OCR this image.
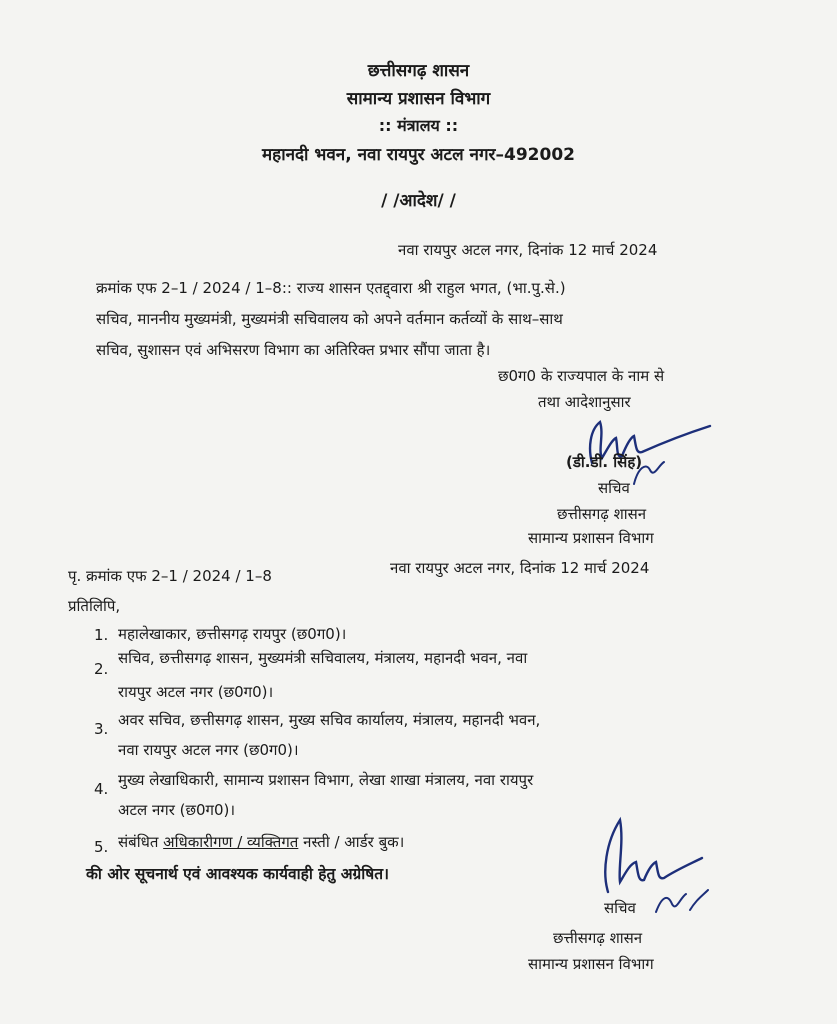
छत्तीसगढ़ शासन
सामान्य प्रशासन विभाग
:: मंत्रालय ::
महानदी भवन, नवा रायपुर अटल नगर–492002
/ /आदेश/ /
नवा रायपुर अटल नगर, दिनांक 12 मार्च 2024
क्रमांक एफ 2–1 / 2024 / 1–8:: राज्य शासन एतद्द्वारा श्री राहुल भगत, (भा.पु.से.)
सचिव, माननीय मुख्यमंत्री, मुख्यमंत्री सचिवालय को अपने वर्तमान कर्तव्यों के साथ–साथ
सचिव, सुशासन एवं अभिसरण विभाग का अतिरिक्त प्रभार सौंपा जाता है।
छ0ग0 के राज्यपाल के नाम से
तथा आदेशानुसार
(डी.डी. सिंह)
सचिव
छत्तीसगढ़ शासन
सामान्य प्रशासन विभाग
पृ. क्रमांक एफ 2–1 / 2024 / 1–8	नवा रायपुर अटल नगर, दिनांक 12 मार्च 2024
प्रतिलिपि,
1. महालेखाकार, छत्तीसगढ़ रायपुर (छ0ग0)।
2.
सचिव, छत्तीसगढ़ शासन, मुख्यमंत्री सचिवालय, मंत्रालय, महानदी भवन, नवा
रायपुर अटल नगर (छ0ग0)।
3. अवर सचिव, छत्तीसगढ़ शासन, मुख्य सचिव कार्यालय, मंत्रालय, महानदी भवन,
नवा रायपुर अटल नगर (छ0ग0)।
4. मुख्य लेखाधिकारी, सामान्य प्रशासन विभाग, लेखा शाखा मंत्रालय, नवा रायपुर
अटल नगर (छ0ग0)।
5. संबंधित अधिकारीगण / व्यक्तिगत नस्ती / आर्डर बुक।
की ओर सूचनार्थ एवं आवश्यक कार्यवाही हेतु अग्रेषित।
सचिव
छत्तीसगढ़ शासन
सामान्य प्रशासन विभाग
